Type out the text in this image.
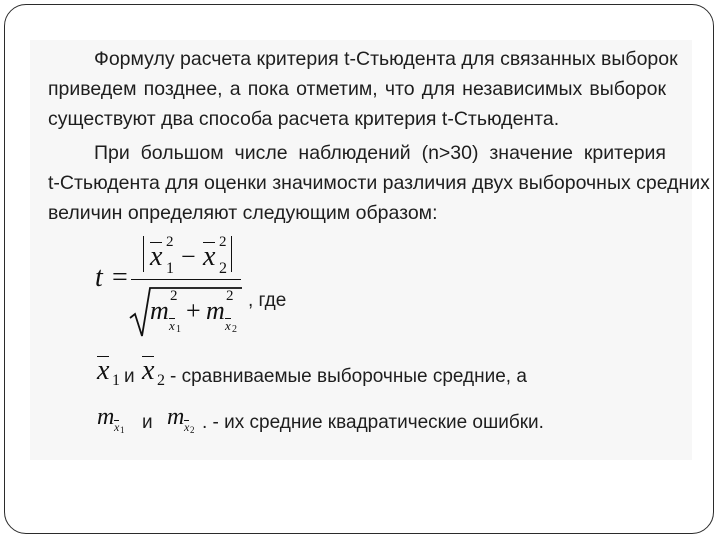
Формулу расчета критерия t-Стьюдента для связанных выборок
приведем позднее, а пока отметим, что для независимых выборок
существуют два способа расчета критерия t-Стьюдента.
При большом числе наблюдений (n>30) значение критерия
t-Стьюдента для оценки значимости различия двух выборочных средних
величин определяют следующим образом:
t =
x 1
2 − x 2
2
m 2
x 1
+ m 2
x 2
, где
x 1 и x 2 - сравниваемые выборочные средние, а
m x 1 и m x 2 . - их средние квадратические ошибки.
